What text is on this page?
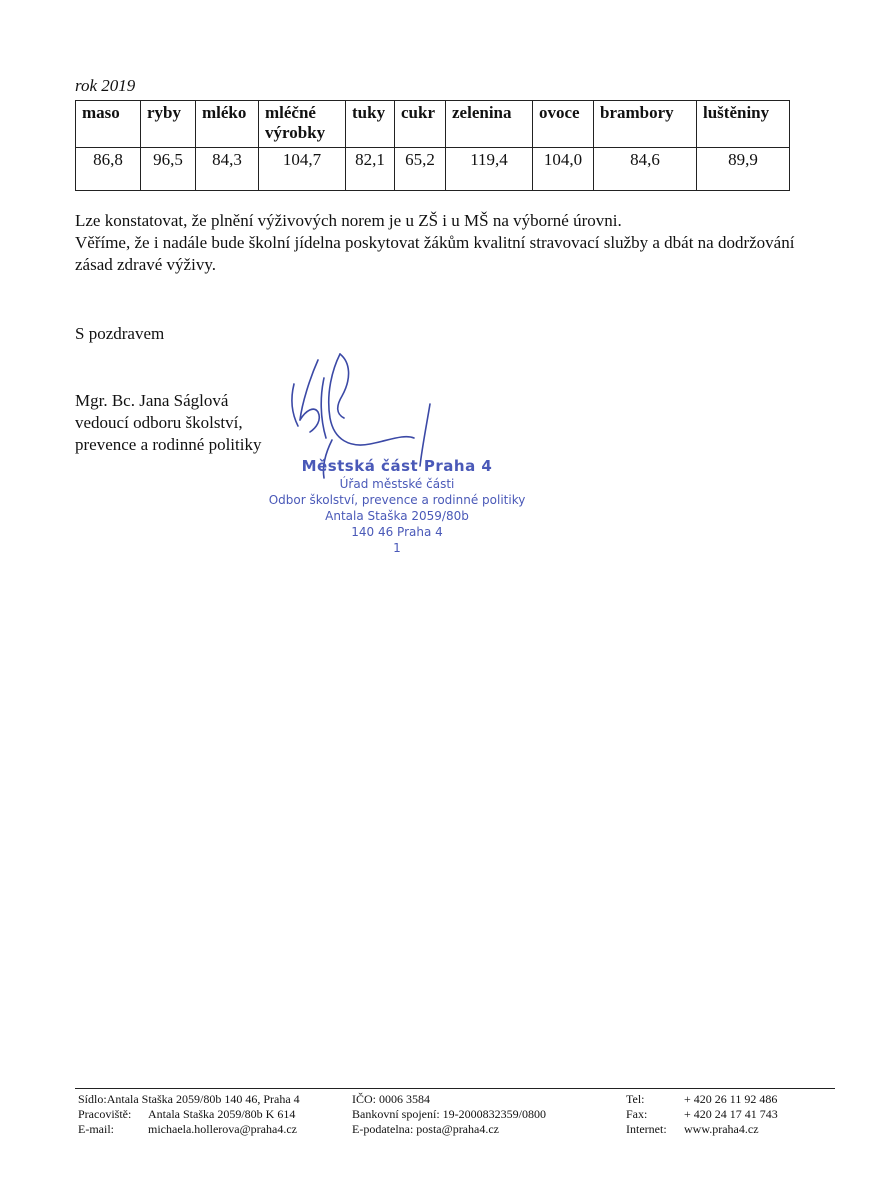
rok 2019
maso	ryby	mléko	mléčné výrobky	tuky	cukr	zelenina	ovoce	brambory	luštěniny
86,8	96,5	84,3	104,7	82,1	65,2	119,4	104,0	84,6	89,9

Lze konstatovat, že plnění výživových norem je u ZŠ i u MŠ na výborné úrovni.

Věříme, že i nadále bude školní jídelna poskytovat žákům kvalitní stravovací služby a dbát na dodržování zásad zdravé výživy.

S pozdravem
Mgr. Bc. Jana Ságlová
vedoucí odboru školství,
prevence a rodinné politiky
Městská část Praha 4
Úřad městské části
Odbor školství, prevence a rodinné politiky
Antala Staška 2059/80b
140 46 Praha 4
1
Sídlo:Antala Staška 2059/80b 140 46, Praha 4
Pracoviště: Antala Staška 2059/80b K 614
E-mail:	michaela.hollerova@praha4.cz
IČO: 0006 3584
Bankovní spojení: 19-2000832359/0800
E-podatelna: posta@praha4.cz
Tel:	+ 420 26 11 92 486
Fax:	+ 420 24 17 41 743
Internet: www.praha4.cz
